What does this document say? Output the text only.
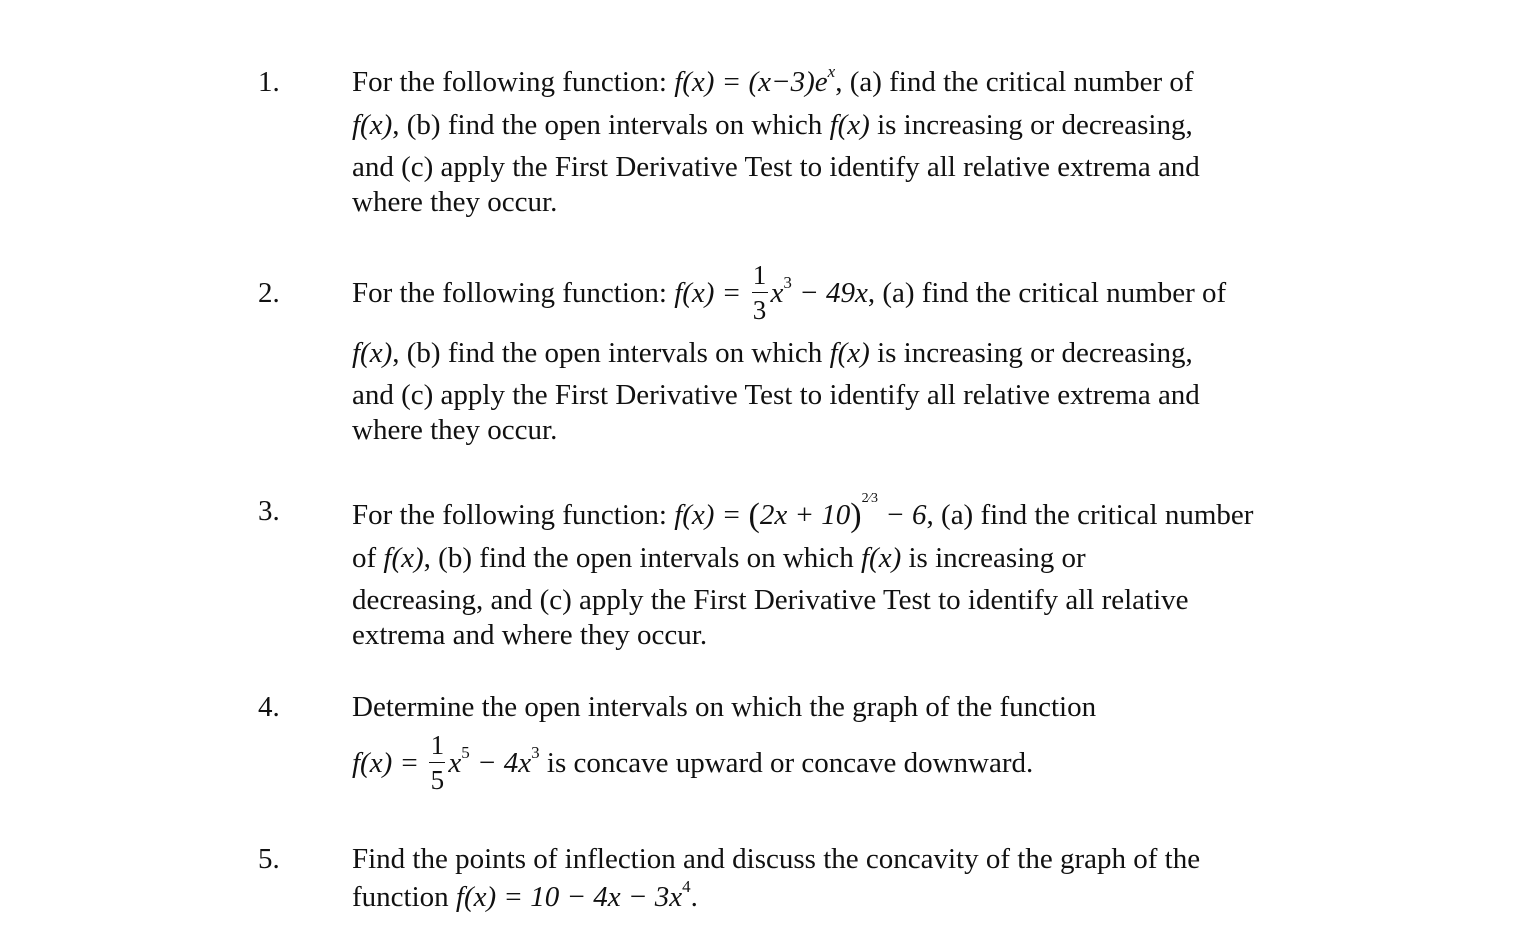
1. For the following function: $f(x) = (x-3)e^x$, (a) find the critical number of
f(x), (b) find the open intervals on which f(x) is increasing or decreasing,
and (c) apply the First Derivative Test to identify all relative extrema and
where they occur.
2. For the following function: $f(x) = \frac{1}{3} x^3 - 49x$, (a) find the critical number of
f(x), (b) find the open intervals on which f(x) is increasing or decreasing,
and (c) apply the First Derivative Test to identify all relative extrema and
where they occur.
3. For the following function: $f(x) = (2x + 10)^{2⁄3} - 6$, (a) find the critical number
of f(x), (b) find the open intervals on which f(x) is increasing or
decreasing, and (c) apply the First Derivative Test to identify all relative
extrema and where they occur.
4. Determine the open intervals on which the graph of the function
$f(x) = \frac{1}{5} x^5 - 4x^3$ is concave upward or concave downward.
5. Find the points of inflection and discuss the concavity of the graph of the
function $f(x) = 10 - 4x - 3x^4$.
